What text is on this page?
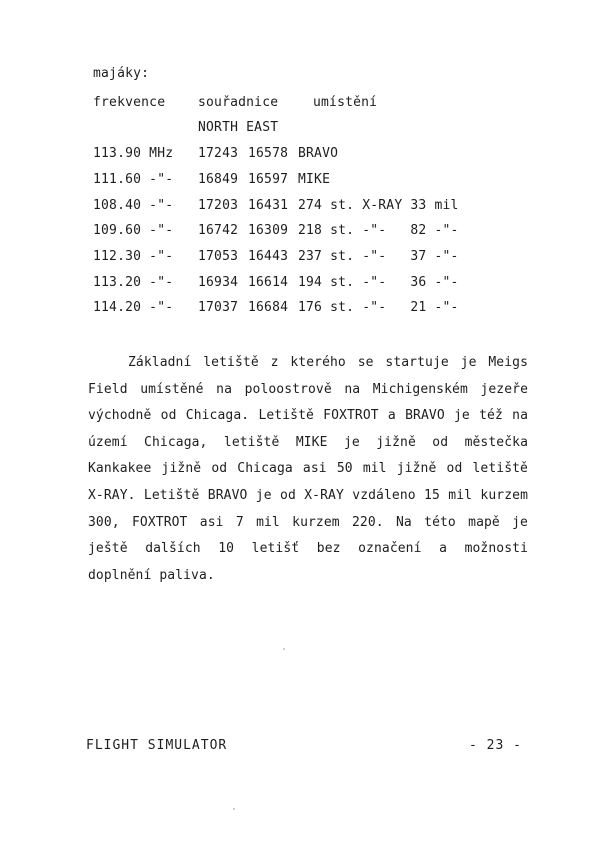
majáky:
frekvence	souřadnice	umístění
NORTH EAST
113.90 MHz 17243 16578 BRAVO
111.60 -"- 16849 16597 MIKE
108.40 -"- 17203 16431 274 st. X-RAY 33 mil
109.60 -"- 16742 16309 218 st. -"-   82 -"-
112.30 -"- 17053 16443 237 st. -"-   37 -"-
113.20 -"- 16934 16614 194 st. -"-   36 -"-
114.20 -"- 17037 16684 176 st. -"-   21 -"-
Základní letiště z kterého se startuje je Meigs Field umístěné na poloostrově na Michigenském jezeře východně od Chicaga. Letiště FOXTROT a BRAVO je též na území Chicaga, letiště MIKE je jižně od městečka Kankakee jižně od Chicaga asi 50 mil jižně od letiště X-RAY. Letiště BRAVO je od X-RAY vzdáleno 15 mil kurzem 300, FOXTROT asi 7 mil kurzem 220. Na této mapě je ještě dalších 10 letišť bez označení a možnosti doplnění paliva.
FLIGHT SIMULATOR	- 23 -
